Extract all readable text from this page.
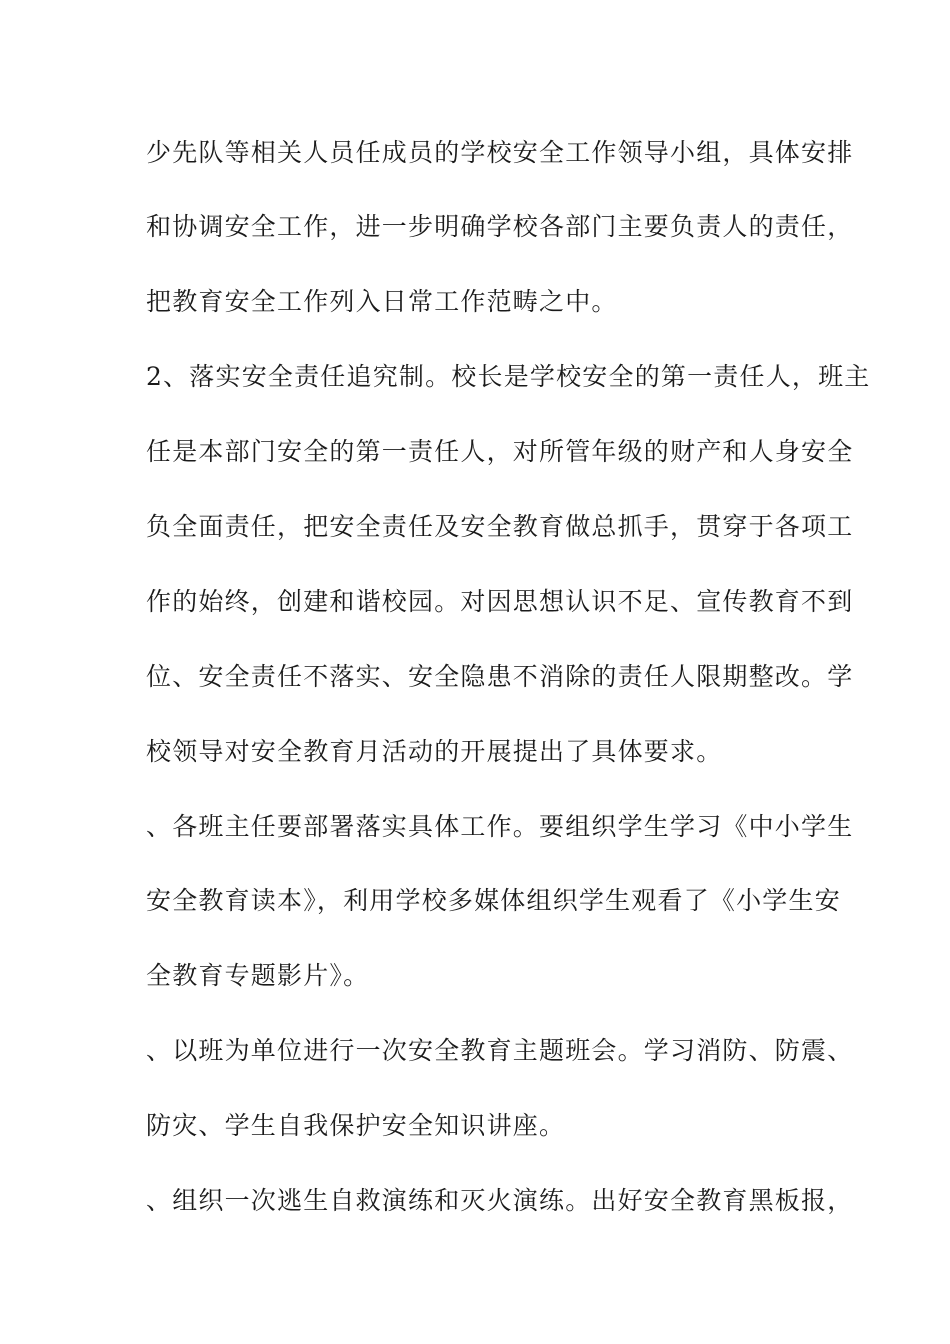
少先队等相关人员任成员的学校安全工作领导小组，具体安排
和协调安全工作，进一步明确学校各部门主要负责人的责任，
把教育安全工作列入日常工作范畴之中。
2、落实安全责任追究制。校长是学校安全的第一责任人，班主
任是本部门安全的第一责任人，对所管年级的财产和人身安全
负全面责任，把安全责任及安全教育做总抓手，贯穿于各项工
作的始终，创建和谐校园。对因思想认识不足、宣传教育不到
位、安全责任不落实、安全隐患不消除的责任人限期整改。学
校领导对安全教育月活动的开展提出了具体要求。
、各班主任要部署落实具体工作。要组织学生学习《中小学生
安全教育读本》，利用学校多媒体组织学生观看了《小学生安
全教育专题影片》。
、以班为单位进行一次安全教育主题班会。学习消防、防震、
防灾、学生自我保护安全知识讲座。
、组织一次逃生自救演练和灭火演练。出好安全教育黑板报，
